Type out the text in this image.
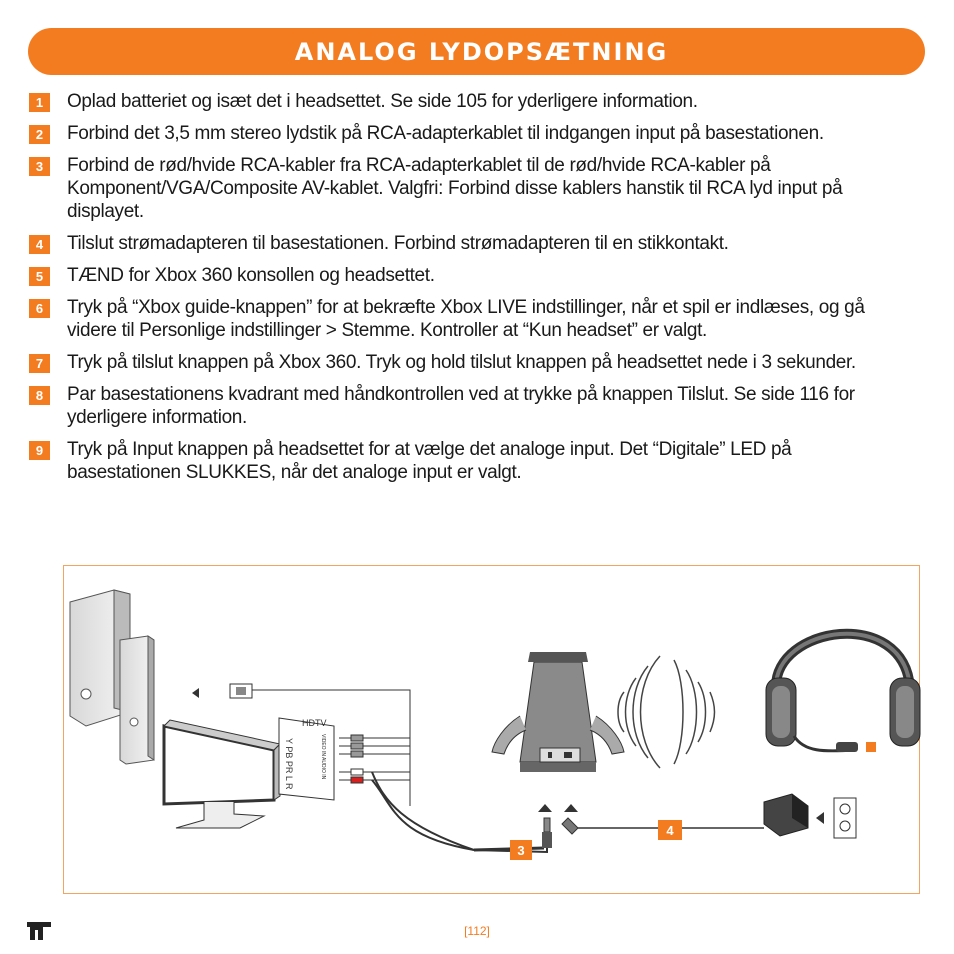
ANALOG LYDOPSÆTNING
1	Oplad batteriet og isæt det i headsettet. Se side 105 for yderligere information.
2	Forbind det 3,5 mm stereo lydstik på RCA-adapterkablet til indgangen input på basestationen.
3	Forbind de rød/hvide RCA-kabler fra RCA-adapterkablet til de rød/hvide RCA-kabler på Komponent/VGA/Composite AV-kablet. Valgfri: Forbind disse kablers hanstik til RCA lyd input på displayet.
4	Tilslut strømadapteren til basestationen. Forbind strømadapteren til en stikkontakt.
5	TÆND for Xbox 360 konsollen og headsettet.
6	Tryk på “Xbox guide-knappen” for at bekræfte Xbox LIVE indstillinger, når et spil er indlæses, og gå videre til Personlige indstillinger > Stemme. Kontroller at “Kun headset” er valgt.
7	Tryk på tilslut knappen på Xbox 360. Tryk og hold tilslut knappen på headsettet nede i 3 sekunder.
8	Par basestationens kvadrant med håndkontrollen ved at trykke på knappen Tilslut. Se side 116 for yderligere information.
9	Tryk på Input knappen på headsettet for at vælge det analoge input. Det “Digitale” LED på basestationen SLUKKES, når det analoge input er valgt.
HDTV
Y PB PR L R	VIDEO IN AUDIO IN
3
4
[112]
